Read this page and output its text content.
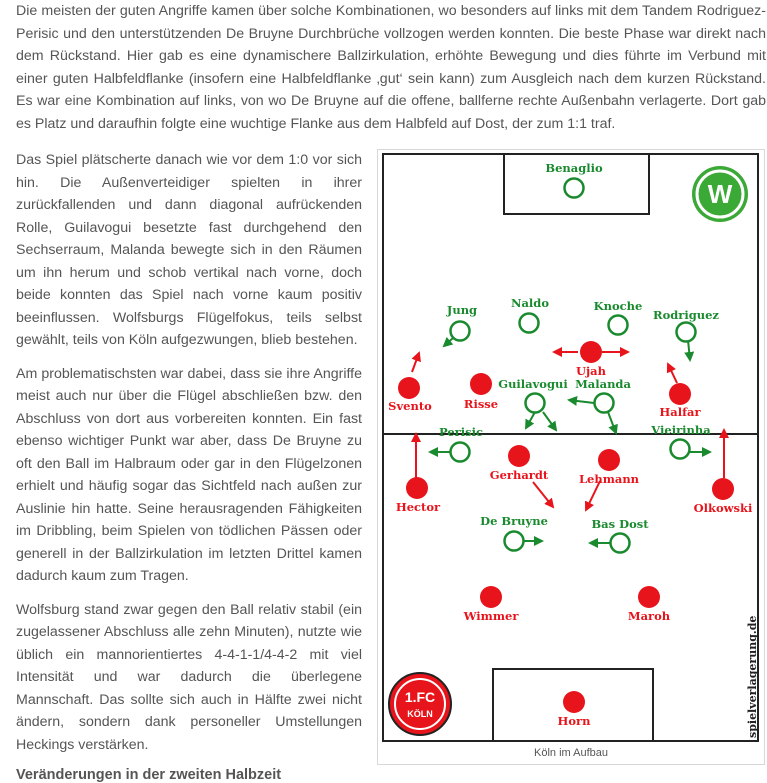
Die meisten der guten Angriffe kamen über solche Kombinationen, wo besonders auf links mit dem Tandem Rodriguez-Perisic und den unterstützenden De Bruyne Durchbrüche vollzogen werden konnten. Die beste Phase war direkt nach dem Rückstand. Hier gab es eine dynamischere Ballzirkulation, erhöhte Bewegung und dies führte im Verbund mit einer guten Halbfeldflanke (insofern eine Halbfeldflanke ‚gut‘ sein kann) zum Ausgleich nach dem kurzen Rückstand. Es war eine Kombination auf links, von wo De Bruyne auf die offene, ballferne rechte Außenbahn verlagerte. Dort gab es Platz und daraufhin folgte eine wuchtige Flanke aus dem Halbfeld auf Dost, der zum 1:1 traf.

Das Spiel plätscherte danach wie vor dem 1:0 vor sich hin. Die Außenverteidiger spielten in ihrer zurückfallenden und dann diagonal aufrückenden Rolle, Guilavogui besetzte fast durchgehend den Sechserraum, Malanda bewegte sich in den Räumen um ihn herum und schob vertikal nach vorne, doch beide konnten das Spiel nach vorne kaum positiv beeinflussen. Wolfsburgs Flügelfokus, teils selbst gewählt, teils von Köln aufgezwungen, blieb bestehen.

Am problematischsten war dabei, dass sie ihre Angriffe meist auch nur über die Flügel abschließen bzw. den Abschluss von dort aus vorbereiten konnten. Ein fast ebenso wichtiger Punkt war aber, dass De Bruyne zu oft den Ball im Halbraum oder gar in den Flügelzonen erhielt und häufig sogar das Sichtfeld nach außen zur Auslinie hin hatte. Seine herausragenden Fähigkeiten im Dribbling, beim Spielen von tödlichen Pässen oder generell in der Ballzirkulation im letzten Drittel kamen dadurch kaum zum Tragen.

Wolfsburg stand zwar gegen den Ball relativ stabil (ein zugelassener Abschluss alle zehn Minuten), nutzte wie üblich ein mannorientiertes 4-4-1-1/4-4-2 mit viel Intensität und war dadurch die überlegene Mannschaft. Das sollte sich auch in Hälfte zwei nicht ändern, sondern dank personeller Umstellungen Heckings verstärken.

Veränderungen in der zweiten Halbzeit
W
1.FC
KÖLN	spielverlagerung.de
Benaglio
Jung	Naldo	Knoche
Rodriguez
Guilavogui Malanda
Perisic	Vieirinha
De Bruyne	Bas Dost
Ujah
Svento	Risse
Halfar
Gerhardt	Lehmann
Hector	Olkowski
Wimmer	Maroh
Horn
Köln im Aufbau
